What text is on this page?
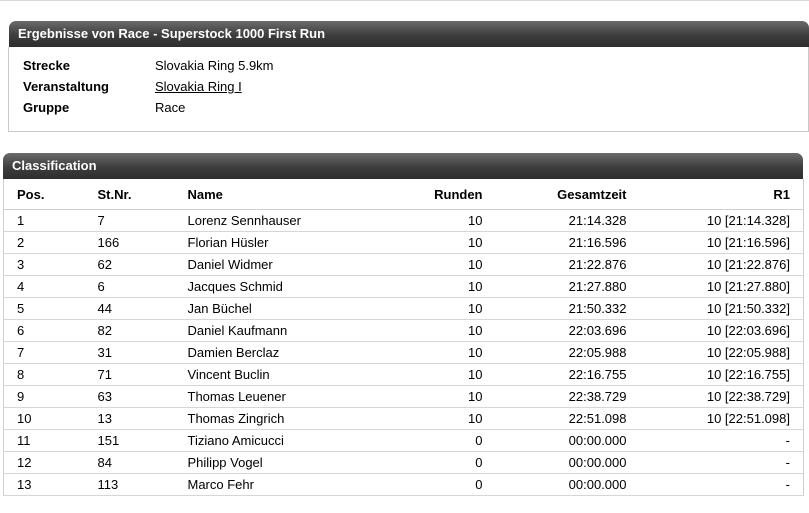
Ergebnisse von Race - Superstock 1000 First Run
Strecke	Slovakia Ring 5.9km
Veranstaltung	Slovakia Ring I
Gruppe	Race
Classification
Pos.	St.Nr.	Name	Runden	Gesamtzeit	R1
1	7	Lorenz Sennhauser	10	21:14.328	10 [21:14.328]
2	166	Florian Hüsler	10	21:16.596	10 [21:16.596]
3	62	Daniel Widmer	10	21:22.876	10 [21:22.876]
4	6	Jacques Schmid	10	21:27.880	10 [21:27.880]
5	44	Jan Büchel	10	21:50.332	10 [21:50.332]
6	82	Daniel Kaufmann	10	22:03.696	10 [22:03.696]
7	31	Damien Berclaz	10	22:05.988	10 [22:05.988]
8	71	Vincent Buclin	10	22:16.755	10 [22:16.755]
9	63	Thomas Leuener	10	22:38.729	10 [22:38.729]
10	13	Thomas Zingrich	10	22:51.098	10 [22:51.098]
11	151	Tiziano Amicucci	0	00:00.000	-
12	84	Philipp Vogel	0	00:00.000	-
13	113	Marco Fehr	0	00:00.000	-
